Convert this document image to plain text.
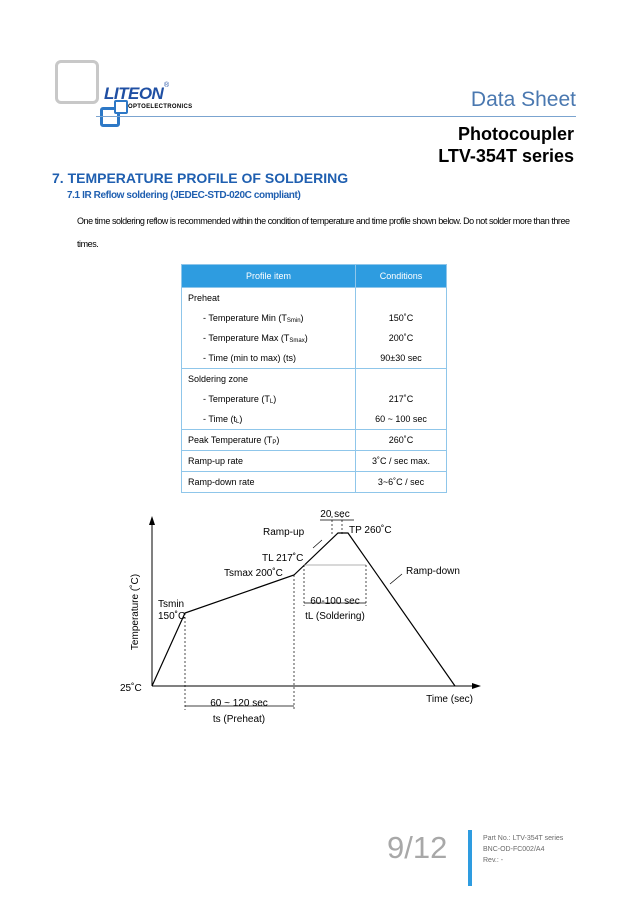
LITEON ®
OPTOELECTRONICS	Data Sheet
Photocoupler
LTV-354T series
7. TEMPERATURE PROFILE OF SOLDERING
7.1 IR Reflow soldering (JEDEC-STD-020C compliant)
One time soldering reflow is recommended within the condition of temperature and time profile shown below. Do not solder more than three times.
Profile item	Conditions
Preheat	
- Temperature Min $(T_{Smin})$	150˚C
- Temperature Max $(T_{Smax})$	200˚C
- Time (min to max) (ts)	90±30 sec
Soldering zone	
- Temperature $(T_L)$	217˚C
- Time $(t_L)$	60 ~ 100 sec
Peak Temperature $(T_P)$	260˚C
Ramp-up rate	3˚C / sec max.
Ramp-down rate	3~6˚C / sec
Temperature (˚C)
Time (sec)
25˚C
Tsmin
150˚C
Tsmax 200˚C
TL 217˚C
TP 260˚C
Ramp-up
Ramp-down
20 sec
60-100 sec
tL (Soldering)
60 ~ 120 sec
ts (Preheat)
9/12	Part No.: LTV-354T series
BNC-OD-FC002/A4
Rev.: -
